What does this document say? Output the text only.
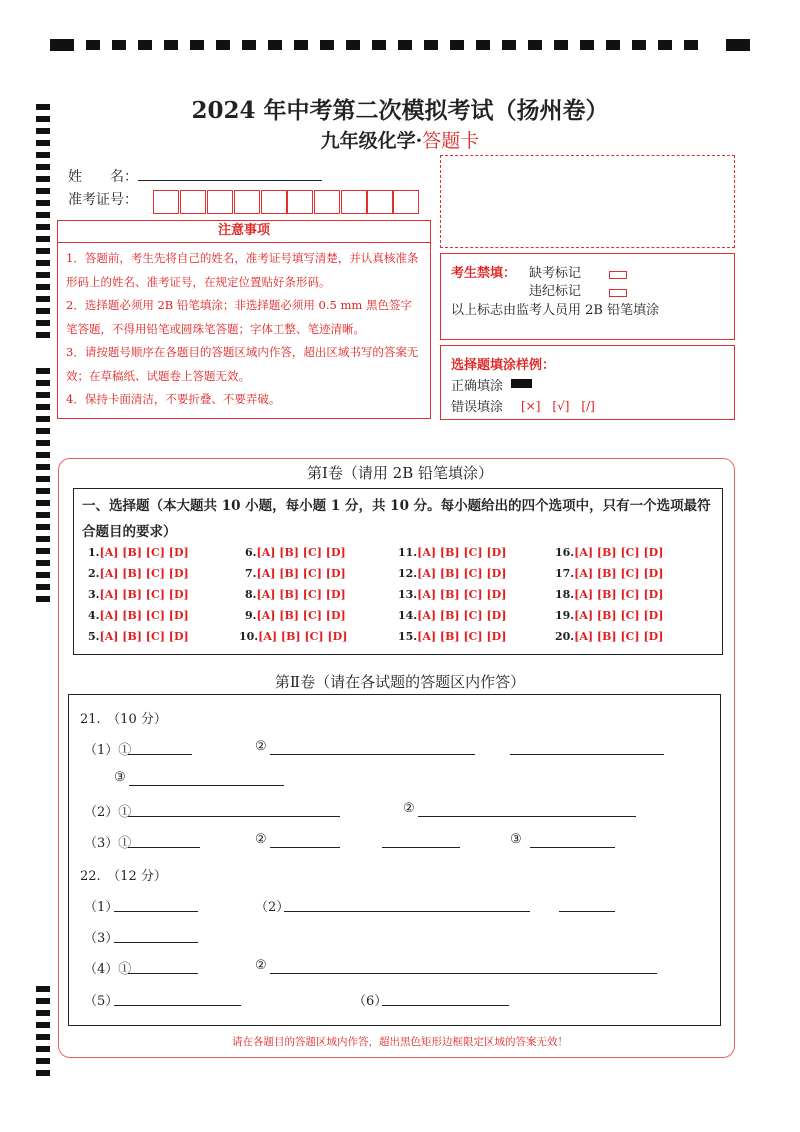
2024 年中考第二次模拟考试（扬州卷）
九年级化学·答题卡
姓　　名：
准考证号：
注意事项

1．答题前，考生先将自己的姓名，准考证号填写清楚，并认真核准条形码上的姓名、准考证号，在规定位置贴好条形码。

2．选择题必须用 2B 铅笔填涂；非选择题必须用 0.5 mm 黑色签字笔答题，不得用铅笔或圆珠笔答题；字体工整、笔迹清晰。

3．请按题号顺序在各题目的答题区域内作答，超出区域书写的答案无效；在草稿纸、试题卷上答题无效。

4．保持卡面清洁，不要折叠、不要弄破。

考生禁填： 缺考标记
违纪标记
以上标志由监考人员用 2B 铅笔填涂
选择题填涂样例：
正确填涂
错误填涂 [×]　[√]　[/]
第Ⅰ卷（请用 2B 铅笔填涂）
一、选择题（本大题共 10 小题，每小题 1 分，共 10 分。每小题给出的四个选项中，只有一个选项最符合题目的要求）
1.[A] [B] [C] [D]
2.[A] [B] [C] [D]
3.[A] [B] [C] [D]
4.[A] [B] [C] [D]
5.[A] [B] [C] [D]
6.[A] [B] [C] [D]
7.[A] [B] [C] [D]
8.[A] [B] [C] [D]
9.[A] [B] [C] [D]
10.[A] [B] [C] [D]
11.[A] [B] [C] [D]
12.[A] [B] [C] [D]
13.[A] [B] [C] [D]
14.[A] [B] [C] [D]
15.[A] [B] [C] [D]
16.[A] [B] [C] [D]
17.[A] [B] [C] [D]
18.[A] [B] [C] [D]
19.[A] [B] [C] [D]
20.[A] [B] [C] [D]
第Ⅱ卷（请在各试题的答题区内作答）
21.　（10 分）
（1）①	②
③
（2）①	②
（3）①	②	③
22.　（12 分）
（1）	（2）
（3）
（4）①	②
（5）	（6）
请在各题目的答题区域内作答，超出黑色矩形边框限定区域的答案无效！
